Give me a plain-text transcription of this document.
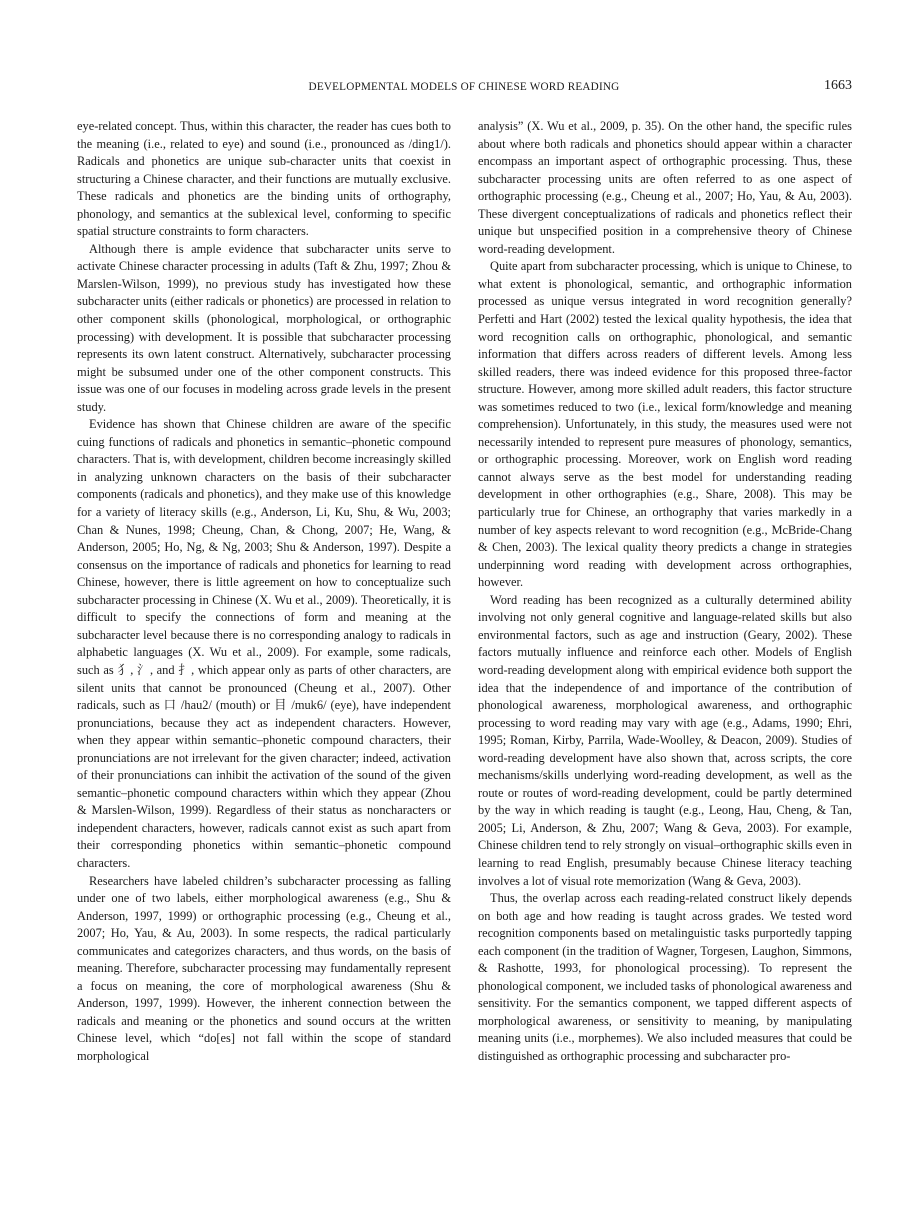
DEVELOPMENTAL MODELS OF CHINESE WORD READING	1663

eye-related concept. Thus, within this character, the reader has cues both to the meaning (i.e., related to eye) and sound (i.e., pronounced as /ding1/). Radicals and phonetics are unique sub-character units that coexist in structuring a Chinese character, and their functions are mutually exclusive. These radicals and phonetics are the binding units of orthography, phonology, and semantics at the sublexical level, conforming to specific spatial structure constraints to form characters.

Although there is ample evidence that subcharacter units serve to activate Chinese character processing in adults (Taft & Zhu, 1997; Zhou & Marslen-Wilson, 1999), no previous study has investigated how these subcharacter units (either radicals or phonetics) are processed in relation to other component skills (phonological, morphological, or orthographic processing) with development. It is possible that subcharacter processing represents its own latent construct. Alternatively, subcharacter processing might be subsumed under one of the other component constructs. This issue was one of our focuses in modeling across grade levels in the present study.

Evidence has shown that Chinese children are aware of the specific cuing functions of radicals and phonetics in semantic–phonetic compound characters. That is, with development, children become increasingly skilled in analyzing unknown characters on the basis of their subcharacter components (radicals and phonetics), and they make use of this knowledge for a variety of literacy skills (e.g., Anderson, Li, Ku, Shu, & Wu, 2003; Chan & Nunes, 1998; Cheung, Chan, & Chong, 2007; He, Wang, & Anderson, 2005; Ho, Ng, & Ng, 2003; Shu & Anderson, 1997). Despite a consensus on the importance of radicals and phonetics for learning to read Chinese, however, there is little agreement on how to conceptualize such subcharacter processing in Chinese (X. Wu et al., 2009). Theoretically, it is difficult to specify the connections of form and meaning at the subcharacter level because there is no corresponding analogy to radicals in alphabetic languages (X. Wu et al., 2009). For example, some radicals, such as 犭, 氵, and 扌, which appear only as parts of other characters, are silent units that cannot be pronounced (Cheung et al., 2007). Other radicals, such as 口 /hau2/ (mouth) or 目 /muk6/ (eye), have independent pronunciations, because they act as independent characters. However, when they appear within semantic–phonetic compound characters, their pronunciations are not irrelevant for the given character; indeed, activation of their pronunciations can inhibit the activation of the sound of the given semantic–phonetic compound characters within which they appear (Zhou & Marslen-Wilson, 1999). Regardless of their status as noncharacters or independent characters, however, radicals cannot exist as such apart from their corresponding phonetics within semantic–phonetic compound characters.

Researchers have labeled children’s subcharacter processing as falling under one of two labels, either morphological awareness (e.g., Shu & Anderson, 1997, 1999) or orthographic processing (e.g., Cheung et al., 2007; Ho, Yau, & Au, 2003). In some respects, the radical particularly communicates and categorizes characters, and thus words, on the basis of meaning. Therefore, subcharacter processing may fundamentally represent a focus on meaning, the core of morphological awareness (Shu & Anderson, 1997, 1999). However, the inherent connection between the radicals and meaning or the phonetics and sound occurs at the written Chinese level, which “do[es] not fall within the scope of standard morphological

analysis” (X. Wu et al., 2009, p. 35). On the other hand, the specific rules about where both radicals and phonetics should appear within a character encompass an important aspect of orthographic processing. Thus, these subcharacter processing units are often referred to as one aspect of orthographic processing (e.g., Cheung et al., 2007; Ho, Yau, & Au, 2003). These divergent conceptualizations of radicals and phonetics reflect their unique but unspecified position in a comprehensive theory of Chinese word-reading development.

Quite apart from subcharacter processing, which is unique to Chinese, to what extent is phonological, semantic, and orthographic information processed as unique versus integrated in word recognition generally? Perfetti and Hart (2002) tested the lexical quality hypothesis, the idea that word recognition calls on orthographic, phonological, and semantic information that differs across readers of different levels. Among less skilled readers, there was indeed evidence for this proposed three-factor structure. However, among more skilled adult readers, this factor structure was sometimes reduced to two (i.e., lexical form/knowledge and meaning comprehension). Unfortunately, in this study, the measures used were not necessarily intended to represent pure measures of phonology, semantics, or orthographic processing. Moreover, work on English word reading cannot always serve as the best model for understanding reading development in other orthographies (e.g., Share, 2008). This may be particularly true for Chinese, an orthography that varies markedly in a number of key aspects relevant to word recognition (e.g., McBride-Chang & Chen, 2003). The lexical quality theory predicts a change in strategies underpinning word reading with development across orthographies, however.

Word reading has been recognized as a culturally determined ability involving not only general cognitive and language-related skills but also environmental factors, such as age and instruction (Geary, 2002). These factors mutually influence and reinforce each other. Models of English word-reading development along with empirical evidence both support the idea that the independence of and importance of the contribution of phonological awareness, morphological awareness, and orthographic processing to word reading may vary with age (e.g., Adams, 1990; Ehri, 1995; Roman, Kirby, Parrila, Wade-Woolley, & Deacon, 2009). Studies of word-reading development have also shown that, across scripts, the core mechanisms/skills underlying word-reading development, as well as the route or routes of word-reading development, could be partly determined by the way in which reading is taught (e.g., Leong, Hau, Cheng, & Tan, 2005; Li, Anderson, & Zhu, 2007; Wang & Geva, 2003). For example, Chinese children tend to rely strongly on visual–orthographic skills even in learning to read English, presumably because Chinese literacy teaching involves a lot of visual rote memorization (Wang & Geva, 2003).

Thus, the overlap across each reading-related construct likely depends on both age and how reading is taught across grades. We tested word recognition components based on metalinguistic tasks purportedly tapping each component (in the tradition of Wagner, Torgesen, Laughon, Simmons, & Rashotte, 1993, for phonological processing). To represent the phonological component, we included tasks of phonological awareness and sensitivity. For the semantics component, we tapped different aspects of morphological awareness, or sensitivity to meaning, by manipulating meaning units (i.e., morphemes). We also included measures that could be distinguished as orthographic processing and subcharacter pro-
